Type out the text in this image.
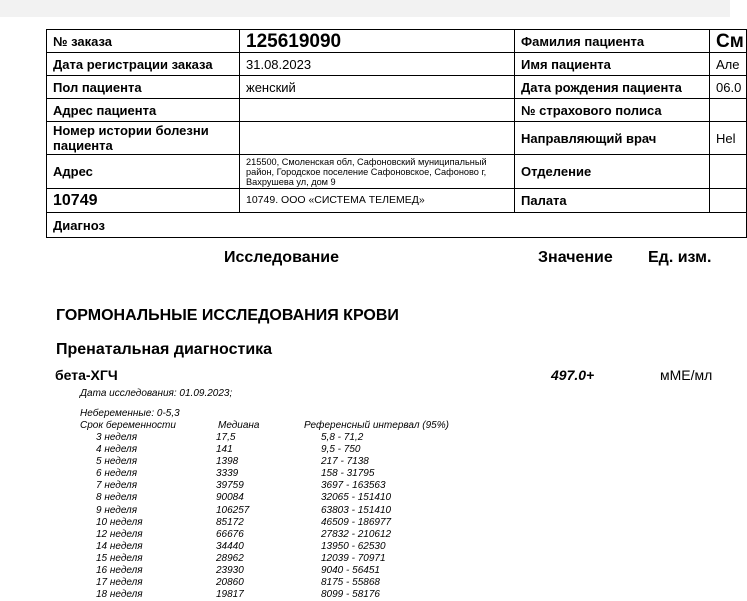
№ заказа	125619090	Фамилия пациента	См
Дата регистрации заказа	31.08.2023	Имя пациента	Але
Пол пациента	женский	Дата рождения пациента	06.0
Адрес пациента		№ страхового полиса	
Номер истории болезни пациента		Направляющий врач	Hel
Адрес	215500, Смоленская обл, Сафоновский муниципальный район, Городское поселение Сафоновское, Сафоново г, Вахрушева ул, дом 9	Отделение	
10749	10749. ООО «СИСТЕМА ТЕЛЕМЕД»	Палата	
Диагноз			
Исследование	Значение Ед. изм.
ГОРМОНАЛЬНЫЕ ИССЛЕДОВАНИЯ КРОВИ
Пренатальная диагностика
бета-ХГЧ	497.0+	мМЕ/мл
Дата исследования: 01.09.2023;
Небеременные: 0-5,3
Срок беременности	Медиана	Референсный интервал (95%)
3 неделя	17,5	5,8 - 71,2
4 неделя	141	9,5 - 750
5 неделя	1398	217 - 7138
6 неделя	3339	158 - 31795
7 неделя	39759	3697 - 163563
8 неделя	90084	32065 - 151410
9 неделя	106257	63803 - 151410
10 неделя	85172	46509 - 186977
12 неделя	66676	27832 - 210612
14 неделя	34440	13950 - 62530
15 неделя	28962	12039 - 70971
16 неделя	23930	9040 - 56451
17 неделя	20860	8175 - 55868
18 неделя	19817	8099 - 58176
